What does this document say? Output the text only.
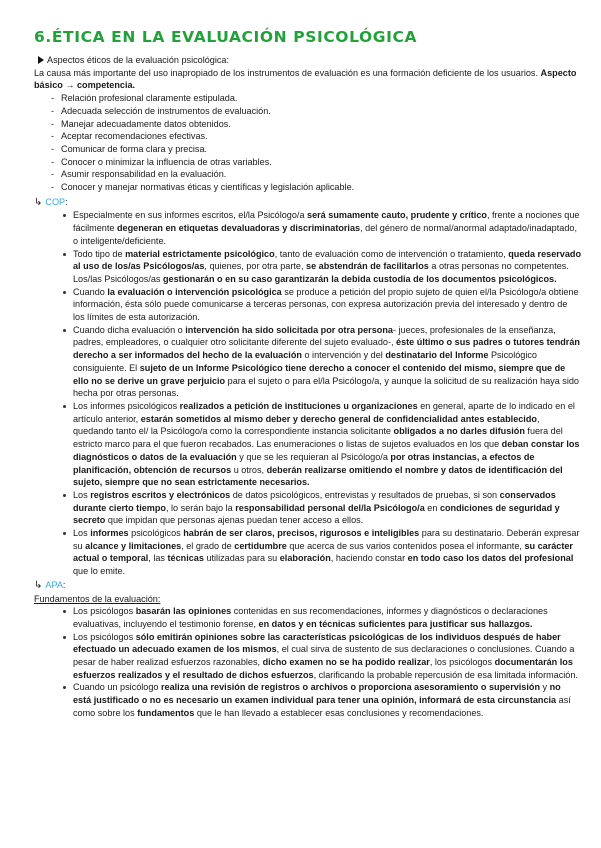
6.ÉTICA EN LA EVALUACIÓN PSICOLÓGICA
Aspectos éticos de la evaluación psicológica:

La causa más importante del uso inapropiado de los instrumentos de evaluación es una formación deficiente de los usuarios. Aspecto básico → competencia.

- Relación profesional claramente estipulada.
- Adecuada selección de instrumentos de evaluación.
- Manejar adecuadamente datos obtenidos.
- Aceptar recomendaciones efectivas.
- Comunicar de forma clara y precisa.
- Conocer o minimizar la influencia de otras variables.
- Asumir responsabilidad en la evaluación.
- Conocer y manejar normativas éticas y científicas y legislación aplicable.
↳ COP:
Especialmente en sus informes escritos, el/la Psicólogo/a será sumamente cauto, prudente y crítico, frente a nociones que fácilmente degeneran en etiquetas devaluadoras y discriminatorias, del género de normal/anormal adaptado/inadaptado, o inteligente/deficiente.
Todo tipo de material estrictamente psicológico, tanto de evaluación como de intervención o tratamiento, queda reservado al uso de los/as Psicólogos/as, quienes, por otra parte, se abstendrán de facilitarlos a otras personas no competentes. Los/las Psicólogos/as gestionarán o en su caso garantizarán la debida custodia de los documentos psicológicos.
Cuando la evaluación o intervención psicológica se produce a petición del propio sujeto de quien el/la Psicólogo/a obtiene información, ésta sólo puede comunicarse a terceras personas, con expresa autorización previa del interesado y dentro de los límites de esta autorización.
Cuando dicha evaluación o intervención ha sido solicitada por otra persona- jueces, profesionales de la enseñanza, padres, empleadores, o cualquier otro solicitante diferente del sujeto evaluado-, éste último o sus padres o tutores tendrán derecho a ser informados del hecho de la evaluación o intervención y del destinatario del Informe Psicológico consiguiente. El sujeto de un Informe Psicológico tiene derecho a conocer el contenido del mismo, siempre que de ello no se derive un grave perjuicio para el sujeto o para el/la Psicólogo/a, y aunque la solicitud de su realización haya sido hecha por otras personas.
Los informes psicológicos realizados a petición de instituciones u organizaciones en general, aparte de lo indicado en el artículo anterior, estarán sometidos al mismo deber y derecho general de confidencialidad antes establecido, quedando tanto el/ la Psicólogo/a como la correspondiente instancia solicitante obligados a no darles difusión fuera del estricto marco para el que fueron recabados. Las enumeraciones o listas de sujetos evaluados en los que deban constar los diagnósticos o datos de la evaluación y que se les requieran al Psicólogo/a por otras instancias, a efectos de planificación, obtención de recursos u otros, deberán realizarse omitiendo el nombre y datos de identificación del sujeto, siempre que no sean estrictamente necesarios.
Los registros escritos y electrónicos de datos psicológicos, entrevistas y resultados de pruebas, si son conservados durante cierto tiempo, lo serán bajo la responsabilidad personal del/la Psicólogo/a en condiciones de seguridad y secreto que impidan que personas ajenas puedan tener acceso a ellos.
Los informes psicológicos habrán de ser claros, precisos, rigurosos e inteligibles para su destinatario. Deberán expresar su alcance y limitaciones, el grado de certidumbre que acerca de sus varios contenidos posea el informante, su carácter actual o temporal, las técnicas utilizadas para su elaboración, haciendo constar en todo caso los datos del profesional que lo emite.
↳ APA:
Fundamentos de la evaluación:
Los psicólogos basarán las opiniones contenidas en sus recomendaciones, informes y diagnósticos o declaraciones evaluativas, incluyendo el testimonio forense, en datos y en técnicas suficientes para justificar sus hallazgos.
Los psicólogos sólo emitirán opiniones sobre las características psicológicas de los individuos después de haber efectuado un adecuado examen de los mismos, el cual sirva de sustento de sus declaraciones o conclusiones. Cuando a pesar de haber realizad esfuerzos razonables, dicho examen no se ha podido realizar, los psicólogos documentarán los esfuerzos realizados y el resultado de dichos esfuerzos, clarificando la probable repercusión de esa limitada información.
Cuando un psicólogo realiza una revisión de registros o archivos o proporciona asesoramiento o supervisión y no está justificado o no es necesario un examen individual para tener una opinión, informará de esta circunstancia así como sobre los fundamentos que le han llevado a establecer esas conclusiones y recomendaciones.
